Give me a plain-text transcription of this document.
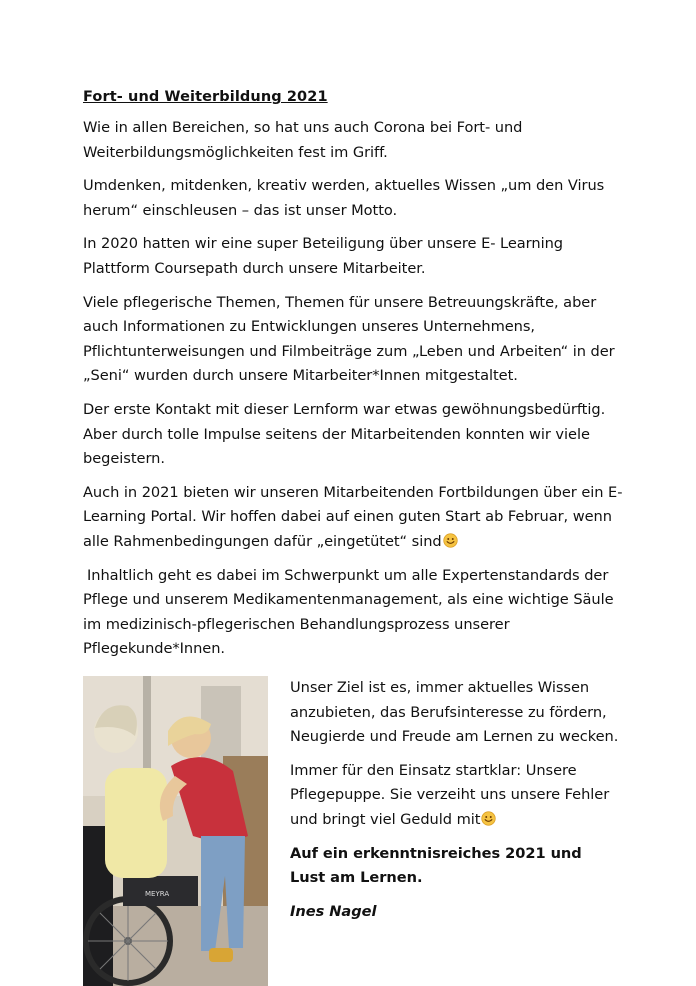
Fort- und Weiterbildung 2021

Wie in allen Bereichen, so hat uns auch Corona bei Fort- und Weiterbildungsmöglichkeiten fest im Griff.

Umdenken, mitdenken, kreativ werden, aktuelles Wissen „um den Virus herum“ einschleusen – das ist unser Motto.

In 2020 hatten wir eine super Beteiligung über unsere E- Learning Plattform Coursepath durch unsere Mitarbeiter.

Viele pflegerische Themen, Themen für unsere Betreuungskräfte, aber auch Informationen zu Entwicklungen unseres Unternehmens, Pflichtunterweisungen und Filmbeiträge zum „Leben und Arbeiten“ in der „Seni“ wurden durch unsere Mitarbeiter*Innen mitgestaltet.

Der erste Kontakt mit dieser Lernform war etwas gewöhnungsbedürftig. Aber durch tolle Impulse seitens der Mitarbeitenden konnten wir viele begeistern.

Auch in 2021 bieten wir unseren Mitarbeitenden Fortbildungen über ein E-Learning Portal. Wir hoffen dabei auf einen guten Start ab Februar, wenn alle Rahmenbedingungen dafür „eingetütet“ sind

Inhaltlich geht es dabei im Schwerpunkt um alle Expertenstandards der Pflege und unserem Medikamentenmanagement, als eine wichtige Säule im medizinisch-pflegerischen Behandlungsprozess unserer Pflegekunde*Innen.

MEYRA

Unser Ziel ist es, immer aktuelles Wissen anzubieten, das Berufsinteresse zu fördern, Neugierde und Freude am Lernen zu wecken.

Immer für den Einsatz startklar: Unsere Pflegepuppe. Sie verzeiht uns unsere Fehler und bringt viel Geduld mit

Auf ein erkenntnisreiches 2021 und Lust am Lernen.

Ines Nagel
